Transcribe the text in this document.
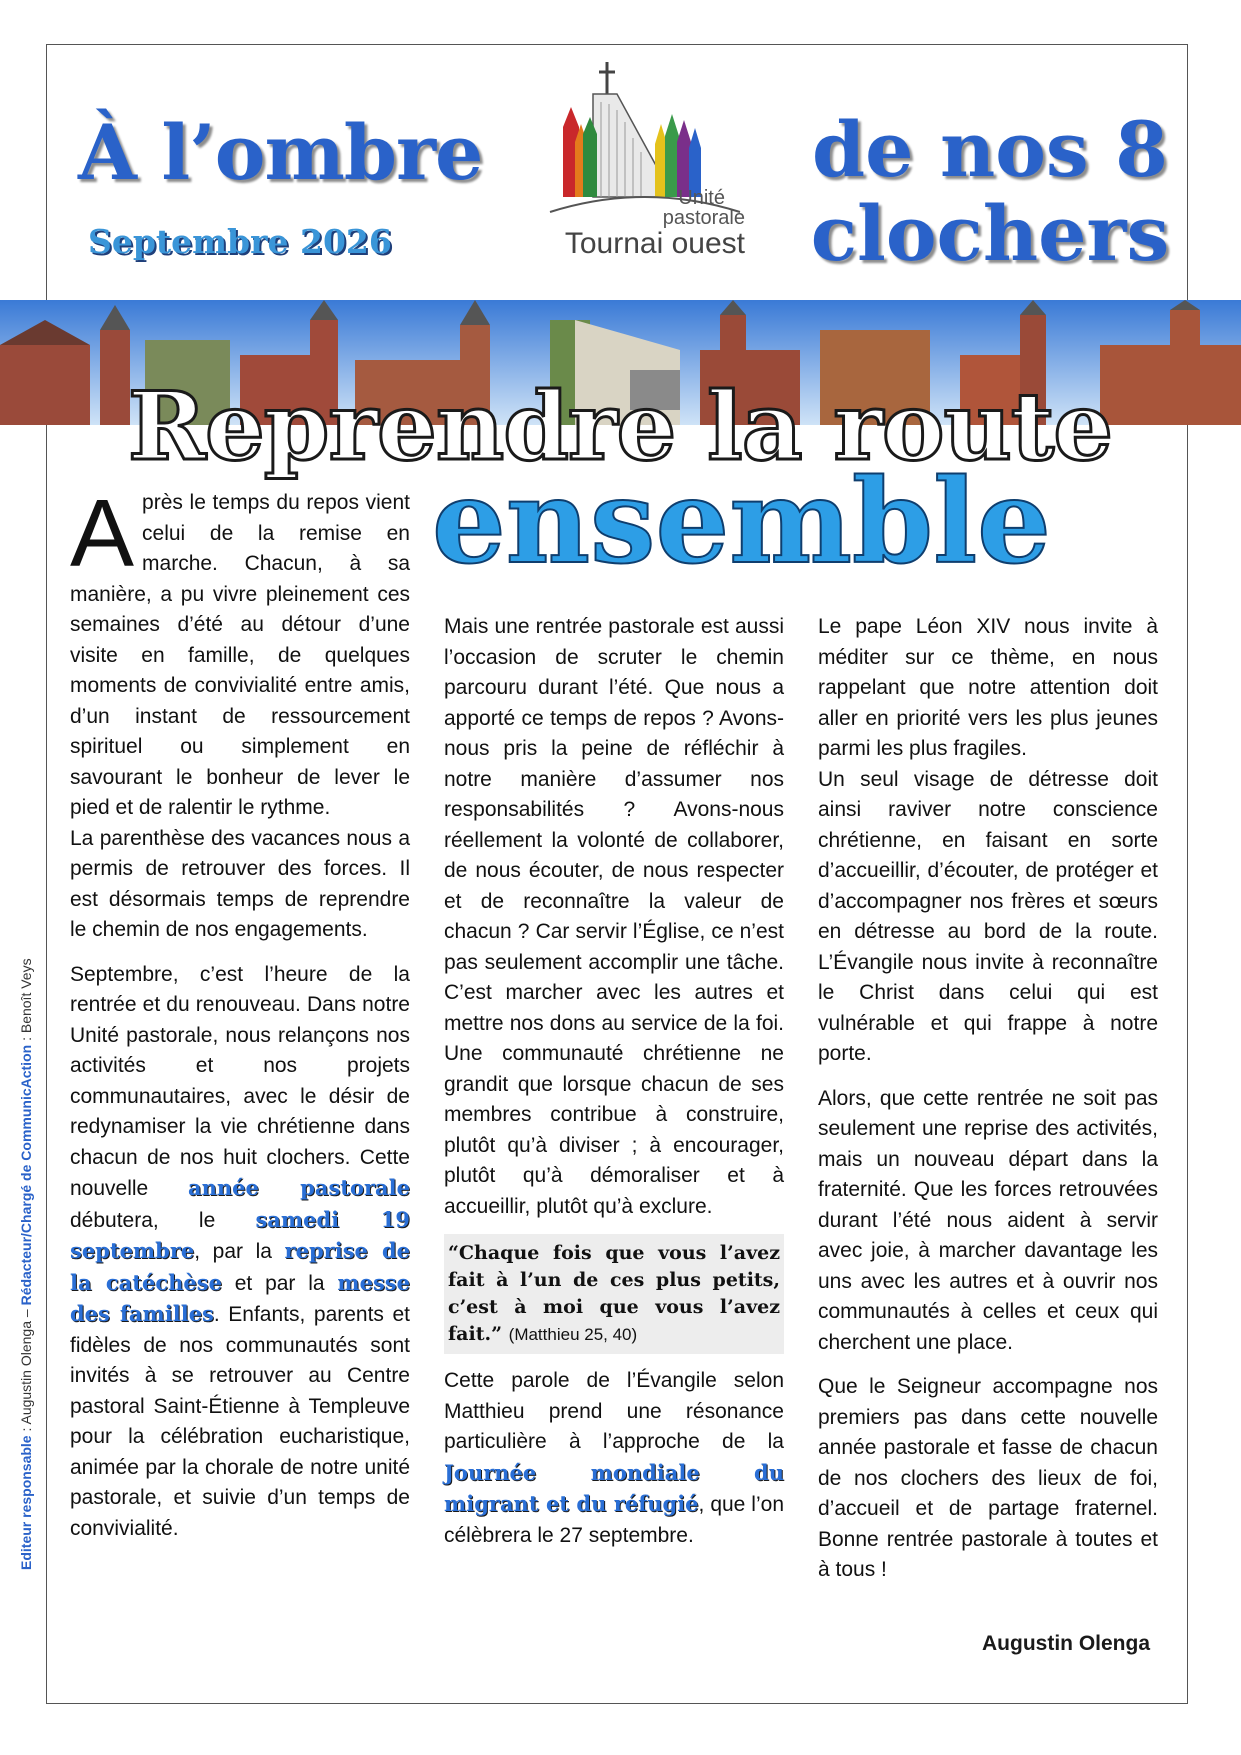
À l’ombre
Septembre 2026
de nos 8
clochers
Unité
pastorale
Tournai ouest
Reprendre la route
ensemble

Après le temps du repos vient celui de la remise en marche. Chacun, à sa manière, a pu vivre pleinement ces semaines d’été au détour d’une visite en famille, de quelques moments de convivialité entre amis, d’un instant de ressourcement spirituel ou simplement en savourant le bonheur de lever le pied et de ralentir le rythme.

La parenthèse des vacances nous a permis de retrouver des forces. Il est désormais temps de reprendre le chemin de nos engagements.

Septembre, c’est l’heure de la rentrée et du renouveau. Dans notre Unité pastorale, nous relançons nos activités et nos projets communautaires, avec le désir de redynamiser la vie chrétienne dans chacun de nos huit clochers. Cette nouvelle année pastorale débutera, le samedi 19 septembre, par la reprise de la catéchèse et par la messe des familles. Enfants, parents et fidèles de nos communautés sont invités à se retrouver au Centre pastoral Saint-Étienne à Templeuve pour la célébration eucharistique, animée par la chorale de notre unité pastorale, et suivie d’un temps de convivialité.

Mais une rentrée pastorale est aussi l’occasion de scruter le chemin parcouru durant l’été. Que nous a apporté ce temps de repos ? Avons-nous pris la peine de réfléchir à notre manière d’assumer nos responsabilités ? Avons-nous réellement la volonté de collaborer, de nous écouter, de nous respecter et de reconnaître la valeur de chacun ? Car servir l’Église, ce n’est pas seulement accomplir une tâche. C’est marcher avec les autres et mettre nos dons au service de la foi. Une communauté chrétienne ne grandit que lorsque chacun de ses membres contribue à construire, plutôt qu’à diviser ; à encourager, plutôt qu’à démoraliser et à accueillir, plutôt qu’à exclure.

“Chaque fois que vous l’avez fait à l’un de ces plus petits, c’est à moi que vous l’avez fait.” (Matthieu 25, 40)

Cette parole de l’Évangile selon Matthieu prend une résonance particulière à l’approche de la Journée mondiale du migrant et du réfugié, que l’on célèbrera le 27 septembre.

Le pape Léon XIV nous invite à méditer sur ce thème, en nous rappelant que notre attention doit aller en priorité vers les plus jeunes parmi les plus fragiles.

Un seul visage de détresse doit ainsi raviver notre conscience chrétienne, en faisant en sorte d’accueillir, d’écouter, de protéger et d’accompagner nos frères et sœurs en détresse au bord de la route. L’Évangile nous invite à reconnaître le Christ dans celui qui est vulnérable et qui frappe à notre porte.

Alors, que cette rentrée ne soit pas seulement une reprise des activités, mais un nouveau départ dans la fraternité. Que les forces retrouvées durant l’été nous aident à servir avec joie, à marcher davantage les uns avec les autres et à ouvrir nos communautés à celles et ceux qui cherchent une place.

Que le Seigneur accompagne nos premiers pas dans cette nouvelle année pastorale et fasse de chacun de nos clochers des lieux de foi, d’accueil et de partage fraternel. Bonne rentrée pastorale à toutes et à tous !

Augustin Olenga
Editeur responsable : Augustin Olenga – Rédacteur/Chargé de CommunicAction : Benoît Veys
